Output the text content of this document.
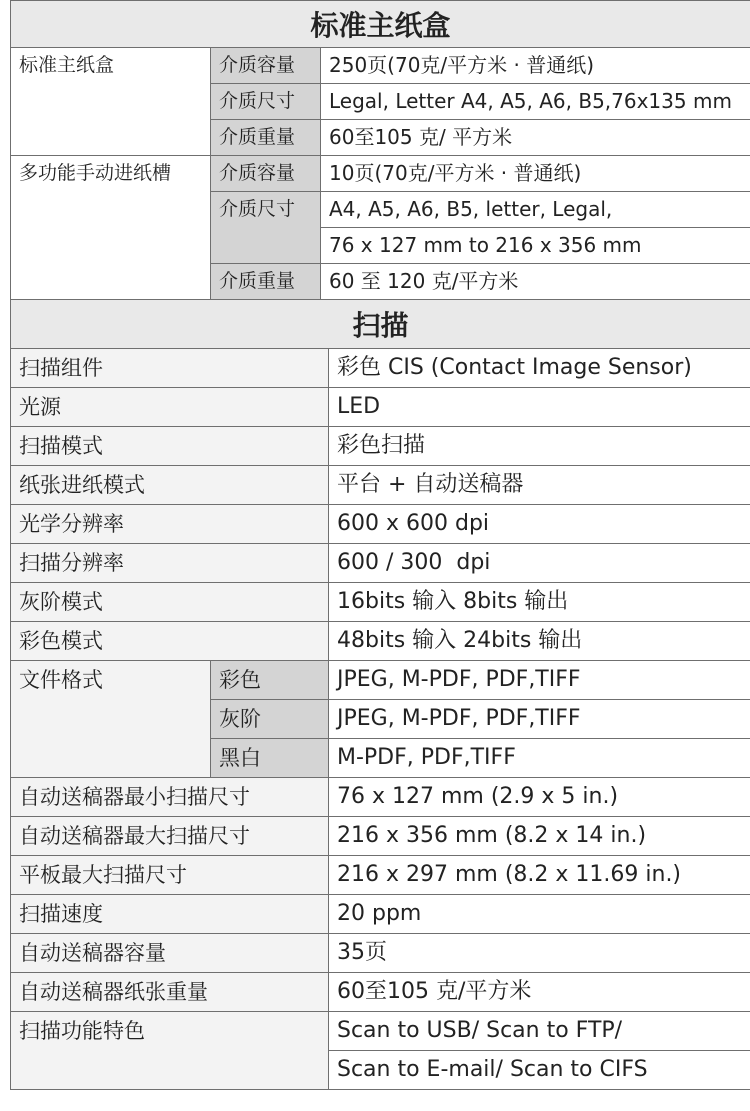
标准主纸盒		
标准主纸盒	介质容量	250页(70克/平方米 · 普通纸)
	介质尺寸	Legal, Letter A4, A5, A6, B5,76x135 mm
	介质重量	60至105 克/ 平方米
多功能手动进纸槽	介质容量	10页(70克/平方米 · 普通纸)
	介质尺寸	A4, A5, A6, B5, letter, Legal,
		76 x 127 mm to 216 x 356 mm
	介质重量	60 至 120 克/平方米
扫描		
扫描组件		彩色 CIS (Contact Image Sensor)
光源		LED
扫描模式		彩色扫描
纸张进纸模式		平台 + 自动送稿器
光学分辨率		600 x 600 dpi
扫描分辨率		600 / 300  dpi
灰阶模式		16bits 输入 8bits 输出
彩色模式		48bits 输入 24bits 输出
文件格式	彩色	JPEG, M-PDF, PDF,TIFF
	灰阶	JPEG, M-PDF, PDF,TIFF
	黑白	M-PDF, PDF,TIFF
自动送稿器最小扫描尺寸		76 x 127 mm (2.9 x 5 in.)
自动送稿器最大扫描尺寸		216 x 356 mm (8.2 x 14 in.)
平板最大扫描尺寸		216 x 297 mm (8.2 x 11.69 in.)
扫描速度		20 ppm
自动送稿器容量		35页
自动送稿器纸张重量		60至105 克/平方米
扫描功能特色		Scan to USB/ Scan to FTP/
		Scan to E-mail/ Scan to CIFS
